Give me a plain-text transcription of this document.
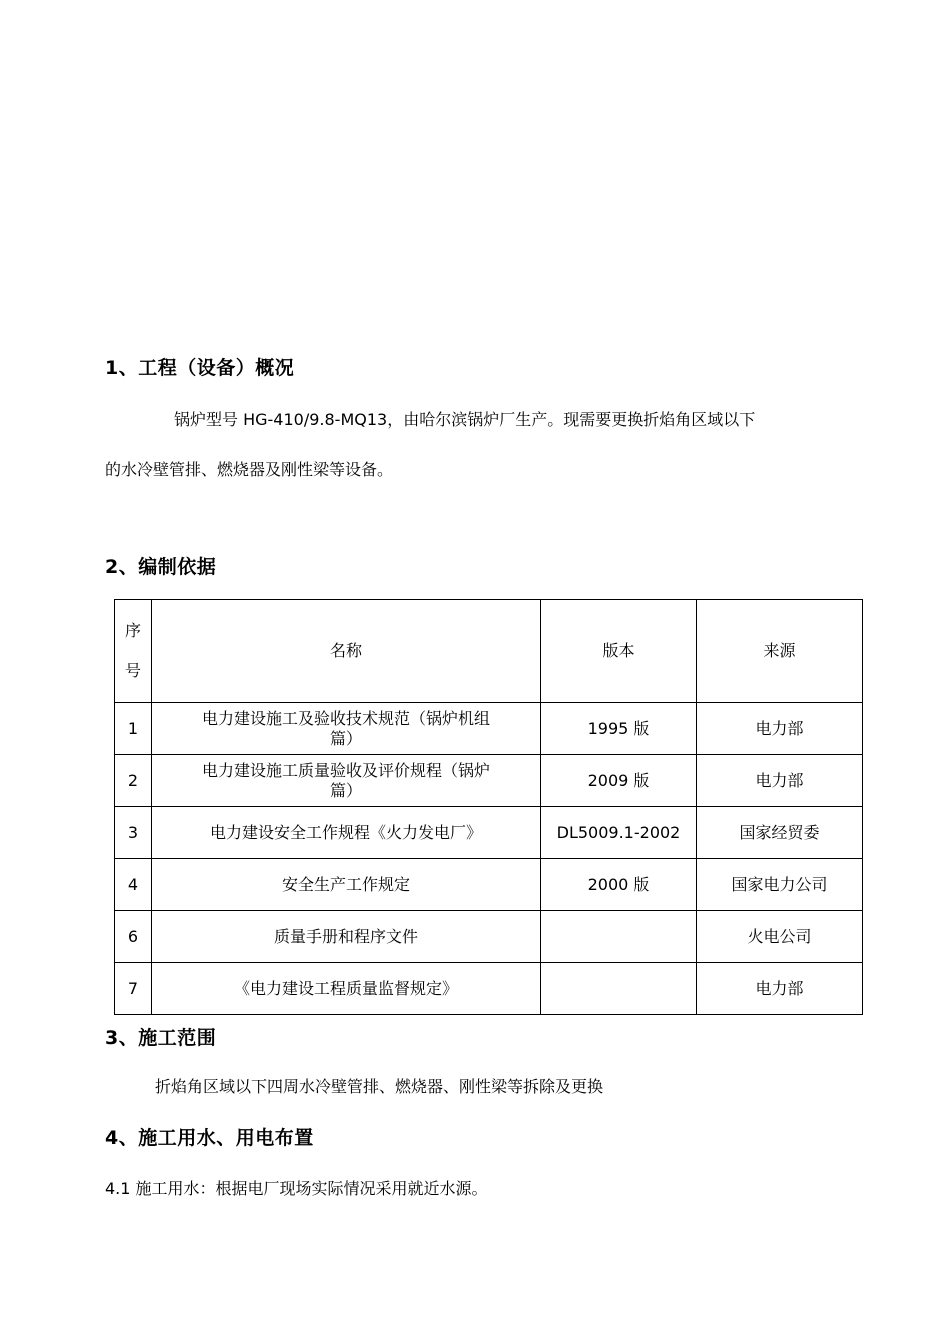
1、工程（设备）概况
锅炉型号 HG-410/9.8-MQ13，由哈尔滨锅炉厂生产。现需要更换折焰角区域以下
的水冷壁管排、燃烧器及刚性梁等设备。
2、编制依据
序
号	名称	版本	来源
1	电力建设施工及验收技术规范（锅炉机组
篇）	1995 版	电力部
2	电力建设施工质量验收及评价规程（锅炉
篇）	2009 版	电力部
3	电力建设安全工作规程《火力发电厂》	DL5009.1-2002	国家经贸委
4	安全生产工作规定	2000 版	国家电力公司
6	质量手册和程序文件		火电公司
7	《电力建设工程质量监督规定》		电力部
3、施工范围
折焰角区域以下四周水冷壁管排、燃烧器、刚性梁等拆除及更换
4、施工用水、用电布置
4.1 施工用水：根据电厂现场实际情况采用就近水源。
